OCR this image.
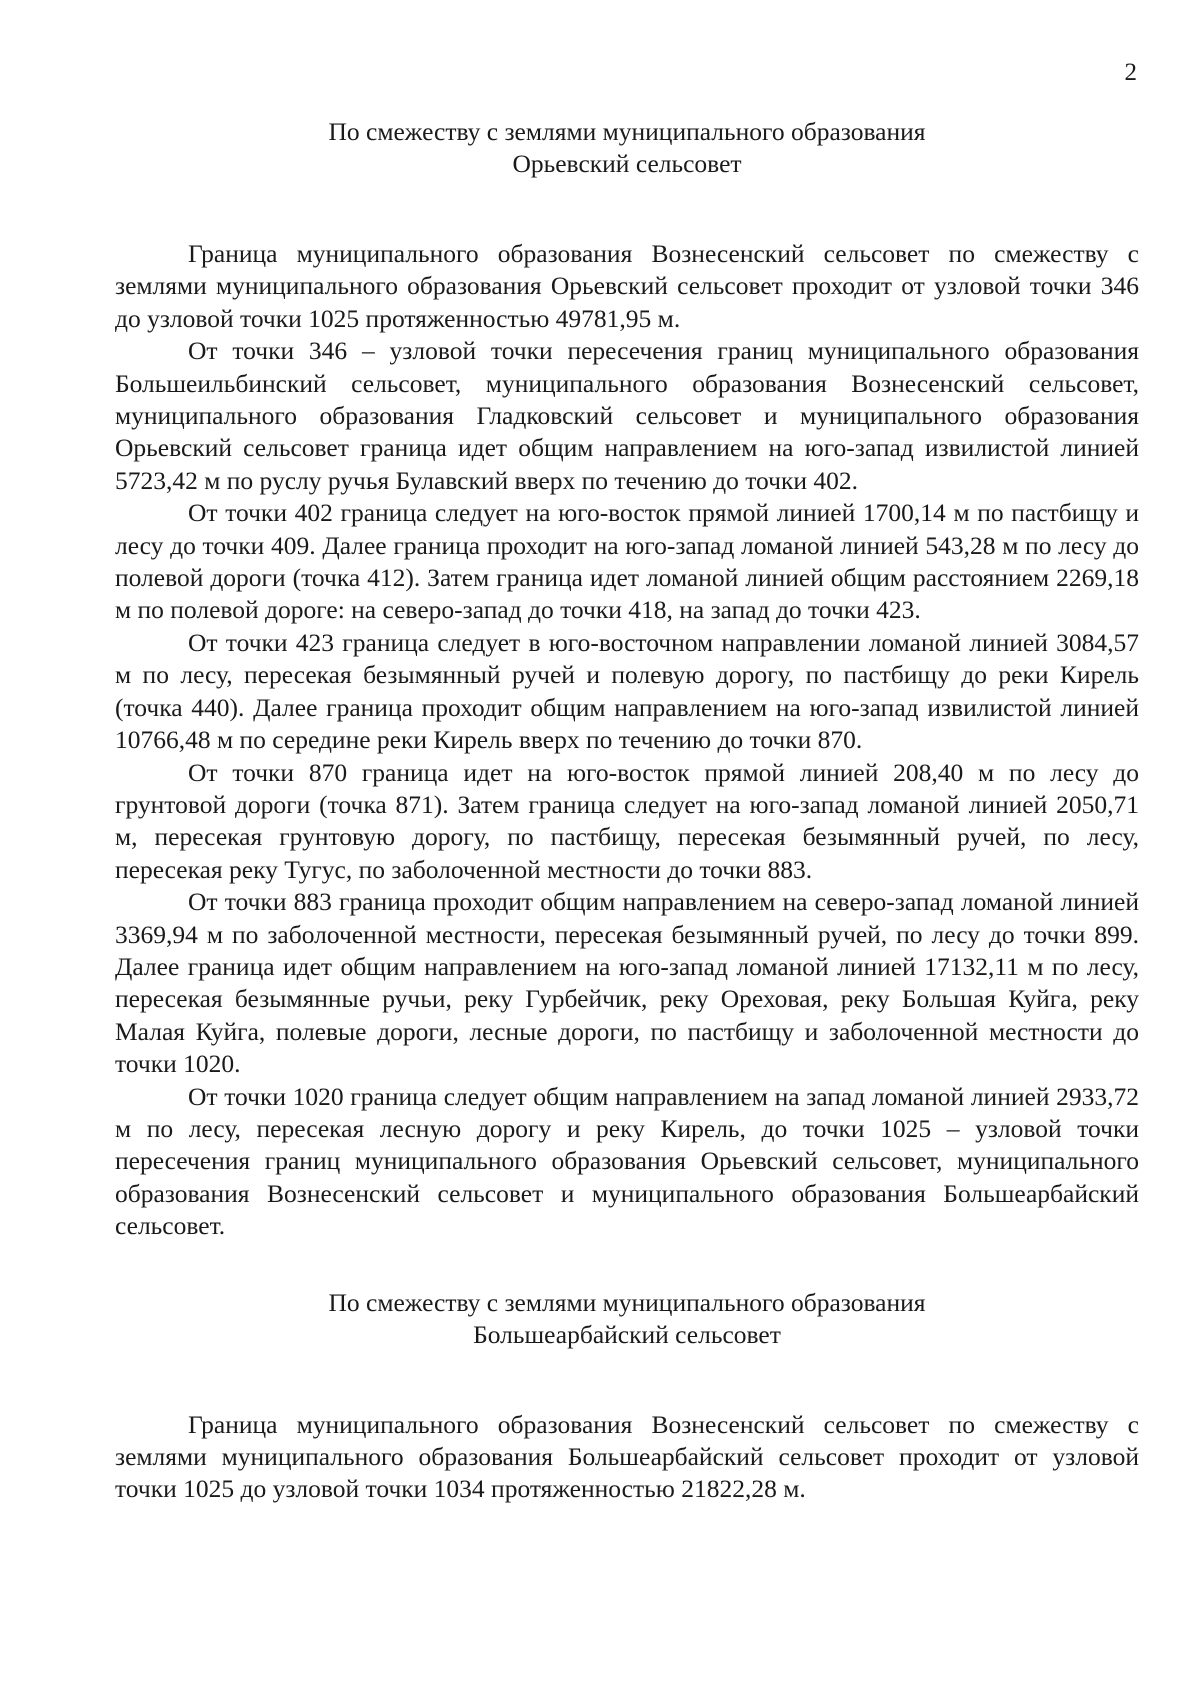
2
По смежеству с землями муниципального образования
Орьевский сельсовет

Граница муниципального образования Вознесенский сельсовет по смежеству с землями муниципального образования Орьевский сельсовет проходит от узловой точки 346 до узловой точки 1025 протяженностью 49781,95 м.

От точки 346 – узловой точки пересечения границ муниципального образования Большеильбинский сельсовет, муниципального образования Вознесенский сельсовет, муниципального образования Гладковский сельсовет и муниципального образования Орьевский сельсовет граница идет общим направлением на юго-запад извилистой линией 5723,42 м по руслу ручья Булавский вверх по течению до точки 402.

От точки 402 граница следует на юго-восток прямой линией 1700,14 м по пастбищу и лесу до точки 409. Далее граница проходит на юго-запад ломаной линией 543,28 м по лесу до полевой дороги (точка 412). Затем граница идет ломаной линией общим расстоянием 2269,18 м по полевой дороге: на северо-запад до точки 418, на запад до точки 423.

От точки 423 граница следует в юго-восточном направлении ломаной линией 3084,57 м по лесу, пересекая безымянный ручей и полевую дорогу, по пастбищу до реки Кирель (точка 440). Далее граница проходит общим направлением на юго-запад извилистой линией 10766,48 м по середине реки Кирель вверх по течению до точки 870.

От точки 870 граница идет на юго-восток прямой линией 208,40 м по лесу до грунтовой дороги (точка 871). Затем граница следует на юго-запад ломаной линией 2050,71 м, пересекая грунтовую дорогу, по пастбищу, пересекая безымянный ручей, по лесу, пересекая реку Тугус, по заболоченной местности до точки 883.

От точки 883 граница проходит общим направлением на северо-запад ломаной линией 3369,94 м по заболоченной местности, пересекая безымянный ручей, по лесу до точки 899. Далее граница идет общим направлением на юго-запад ломаной линией 17132,11 м по лесу, пересекая безымянные ручьи, реку Гурбейчик, реку Ореховая, реку Большая Куйга, реку Малая Куйга, полевые дороги, лесные дороги, по пастбищу и заболоченной местности до точки 1020.

От точки 1020 граница следует общим направлением на запад ломаной линией 2933,72 м по лесу, пересекая лесную дорогу и реку Кирель, до точки 1025 – узловой точки пересечения границ муниципального образования Орьевский сельсовет, муниципального образования Вознесенский сельсовет и муниципального образования Большеарбайский сельсовет.

По смежеству с землями муниципального образования
Большеарбайский сельсовет

Граница муниципального образования Вознесенский сельсовет по смежеству с землями муниципального образования Большеарбайский сельсовет проходит от узловой точки 1025 до узловой точки 1034 протяженностью 21822,28 м.
